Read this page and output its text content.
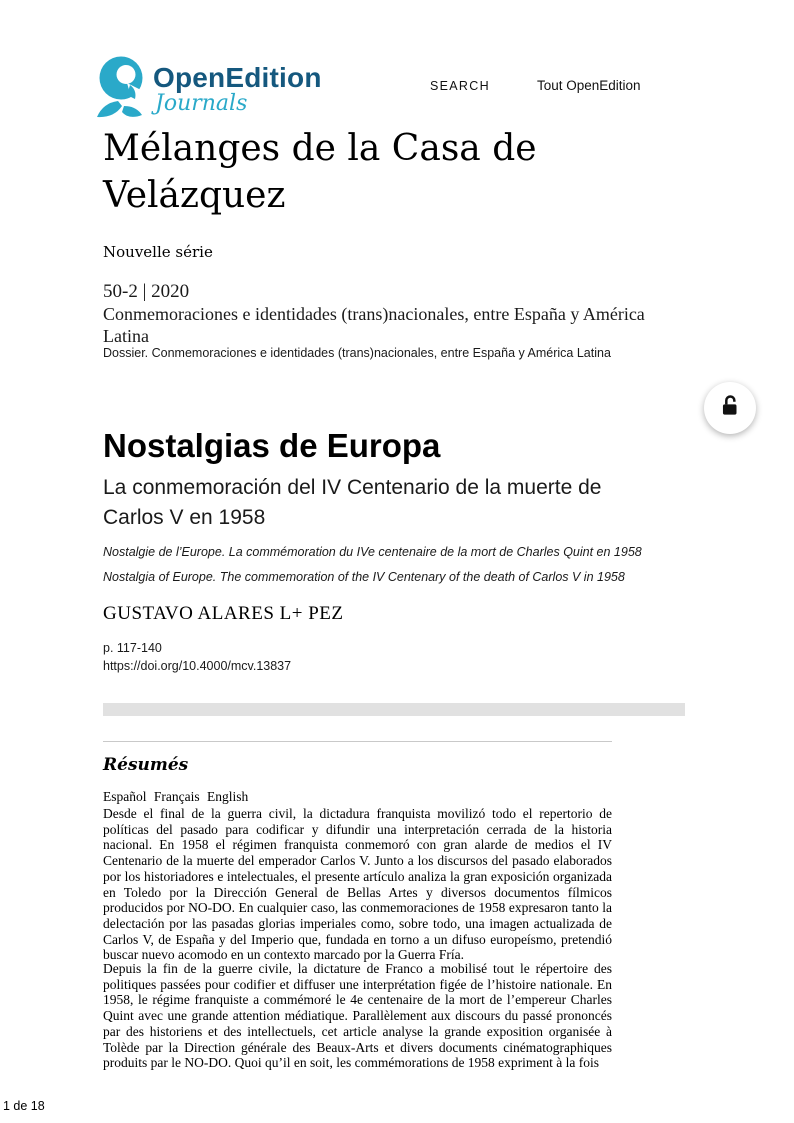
OpenEdition
Journals
SEARCH	Tout OpenEdition
Mélanges de la Casa de Velázquez
Nouvelle série
50-2 | 2020
Conmemoraciones e identidades (trans)nacionales, entre España y América Latina
Dossier. Conmemoraciones e identidades (trans)nacionales, entre España y América Latina
Nostalgias de Europa
La conmemoración del IV Centenario de la muerte de Carlos V en 1958
Nostalgie de l’Europe. La commémoration du IVe centenaire de la mort de Charles Quint en 1958
Nostalgia of Europe. The commemoration of the IV Centenary of the death of Carlos V in 1958
GUSTAVO ALARES L+ PEZ
p. 117-140
https://doi.org/10.4000/mcv.13837
Résumés
Español Français English

Desde el final de la guerra civil, la dictadura franquista movilizó todo el repertorio de políticas del pasado para codificar y difundir una interpretación cerrada de la historia nacional. En 1958 el régimen franquista conmemoró con gran alarde de medios el IV Centenario de la muerte del emperador Carlos V. Junto a los discursos del pasado elaborados por los historiadores e intelectuales, el presente artículo analiza la gran exposición organizada en Toledo por la Dirección General de Bellas Artes y diversos documentos fílmicos producidos por NO-DO. En cualquier caso, las conmemoraciones de 1958 expresaron tanto la delectación por las pasadas glorias imperiales como, sobre todo, una imagen actualizada de Carlos V, de España y del Imperio que, fundada en torno a un difuso europeísmo, pretendió buscar nuevo acomodo en un contexto marcado por la Guerra Fría.

Depuis la fin de la guerre civile, la dictature de Franco a mobilisé tout le répertoire des politiques passées pour codifier et diffuser une interprétation figée de l’histoire nationale. En 1958, le régime franquiste a commémoré le 4e centenaire de la mort de l’empereur Charles Quint avec une grande attention médiatique. Parallèlement aux discours du passé prononcés par des historiens et des intellectuels, cet article analyse la grande exposition organisée à Tolède par la Direction générale des Beaux-Arts et divers documents cinématographiques produits par le NO-DO. Quoi qu’il en soit, les commémorations de 1958 expriment à la fois

1 de 18
